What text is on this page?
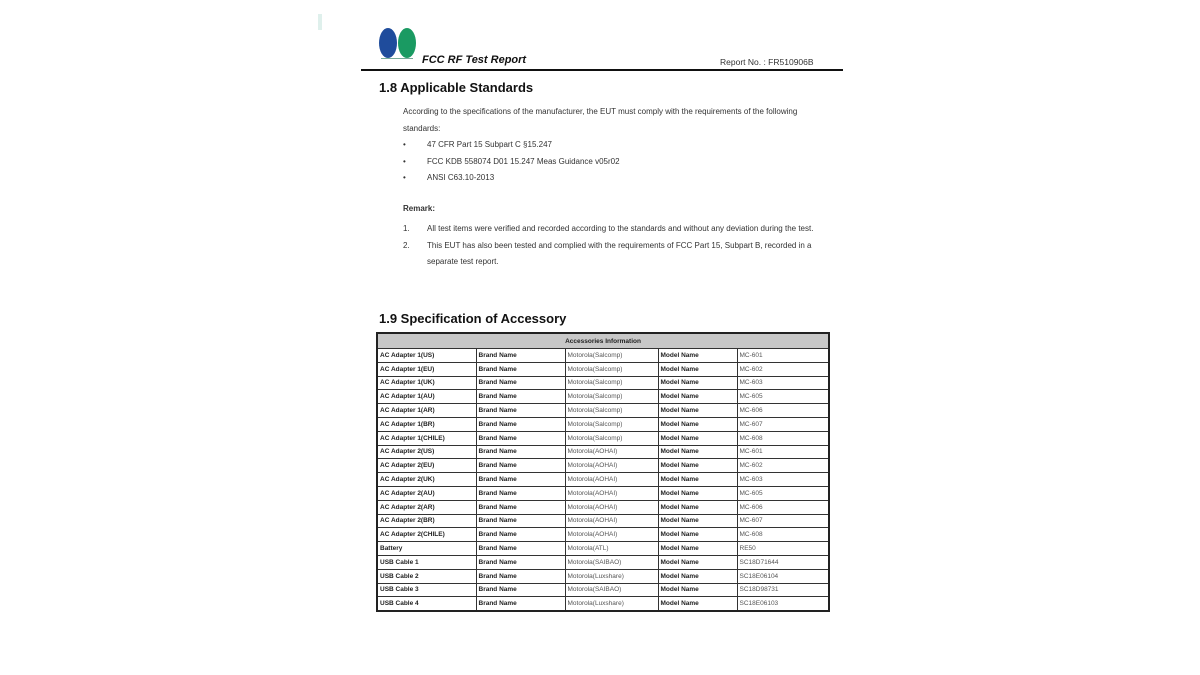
FCC RF Test Report	Report No. : FR510906B
1.8 Applicable Standards
According to the specifications of the manufacturer, the EUT must comply with the requirements of the following standards:
•	47 CFR Part 15 Subpart C §15.247
•	FCC KDB 558074 D01 15.247 Meas Guidance v05r02
•	ANSI C63.10-2013
Remark:
1.	All test items were verified and recorded according to the standards and without any deviation during the test.
2.	This EUT has also been tested and complied with the requirements of FCC Part 15, Subpart B, recorded in a separate test report.
1.9 Specification of Accessory
Accessories Information				
AC Adapter 1(US)	Brand Name	Motorola(Salcomp)	Model Name	MC-601
AC Adapter 1(EU)	Brand Name	Motorola(Salcomp)	Model Name	MC-602
AC Adapter 1(UK)	Brand Name	Motorola(Salcomp)	Model Name	MC-603
AC Adapter 1(AU)	Brand Name	Motorola(Salcomp)	Model Name	MC-605
AC Adapter 1(AR)	Brand Name	Motorola(Salcomp)	Model Name	MC-606
AC Adapter 1(BR)	Brand Name	Motorola(Salcomp)	Model Name	MC-607
AC Adapter 1(CHILE)	Brand Name	Motorola(Salcomp)	Model Name	MC-608
AC Adapter 2(US)	Brand Name	Motorola(AOHAI)	Model Name	MC-601
AC Adapter 2(EU)	Brand Name	Motorola(AOHAI)	Model Name	MC-602
AC Adapter 2(UK)	Brand Name	Motorola(AOHAI)	Model Name	MC-603
AC Adapter 2(AU)	Brand Name	Motorola(AOHAI)	Model Name	MC-605
AC Adapter 2(AR)	Brand Name	Motorola(AOHAI)	Model Name	MC-606
AC Adapter 2(BR)	Brand Name	Motorola(AOHAI)	Model Name	MC-607
AC Adapter 2(CHILE)	Brand Name	Motorola(AOHAI)	Model Name	MC-608
Battery	Brand Name	Motorola(ATL)	Model Name	RE50
USB Cable 1	Brand Name	Motorola(SAIBAO)	Model Name	SC18D71644
USB Cable 2	Brand Name	Motorola(Luxshare)	Model Name	SC18E06104
USB Cable 3	Brand Name	Motorola(SAIBAO)	Model Name	SC18D98731
USB Cable 4	Brand Name	Motorola(Luxshare)	Model Name	SC18E06103
